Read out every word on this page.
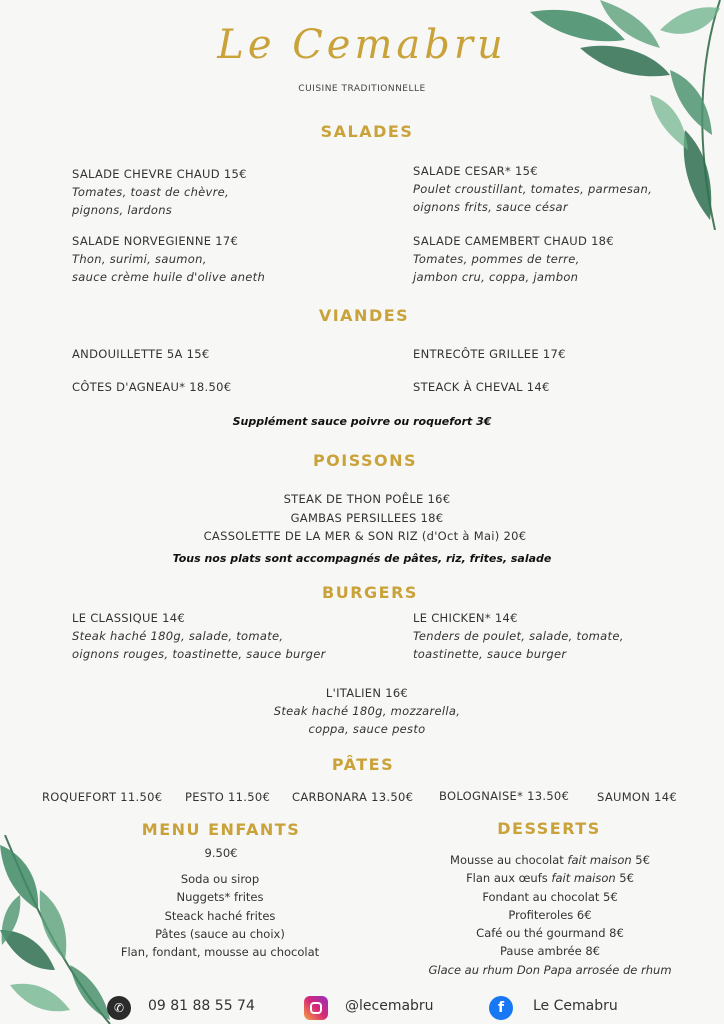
Le Cemabru
CUISINE TRADITIONNELLE
SALADES
SALADE CHEVRE CHAUD 15€
Tomates, toast de chèvre,
pignons, lardons
SALADE CESAR* 15€
Poulet croustillant, tomates, parmesan,
oignons frits, sauce césar
SALADE NORVEGIENNE 17€
Thon, surimi, saumon,
sauce crème huile d'olive aneth
SALADE CAMEMBERT CHAUD 18€
Tomates, pommes de terre,
jambon cru, coppa, jambon
VIANDES
ANDOUILLETTE 5A 15€	ENTRECÔTE GRILLEE 17€
CÔTES D'AGNEAU* 18.50€	STEACK À CHEVAL 14€
Supplément sauce poivre ou roquefort 3€
POISSONS
STEAK DE THON POÊLE 16€
GAMBAS PERSILLEES 18€
CASSOLETTE DE LA MER & SON RIZ (d'Oct à Mai) 20€
Tous nos plats sont accompagnés de pâtes, riz, frites, salade
BURGERS
LE CLASSIQUE 14€
Steak haché 180g, salade, tomate,
oignons rouges, toastinette, sauce burger
LE CHICKEN* 14€
Tenders de poulet, salade, tomate,
toastinette, sauce burger
L'ITALIEN 16€
Steak haché 180g, mozzarella,
coppa, sauce pesto
PÂTES
ROQUEFORT 11.50€ PESTO 11.50€ CARBONARA 13.50€ BOLOGNAISE* 13.50€ SAUMON 14€
MENU ENFANTS
9.50€
Soda ou sirop
Nuggets* frites
Steack haché frites
Pâtes (sauce au choix)
Flan, fondant, mousse au chocolat
DESSERTS
Mousse au chocolat fait maison 5€
Flan aux œufs fait maison 5€
Fondant au chocolat 5€
Profiteroles 6€
Café ou thé gourmand 8€
Pause ambrée 8€
Glace au rhum Don Papa arrosée de rhum
✆	09 81 88 55 74	@lecemabru	f	Le Cemabru
